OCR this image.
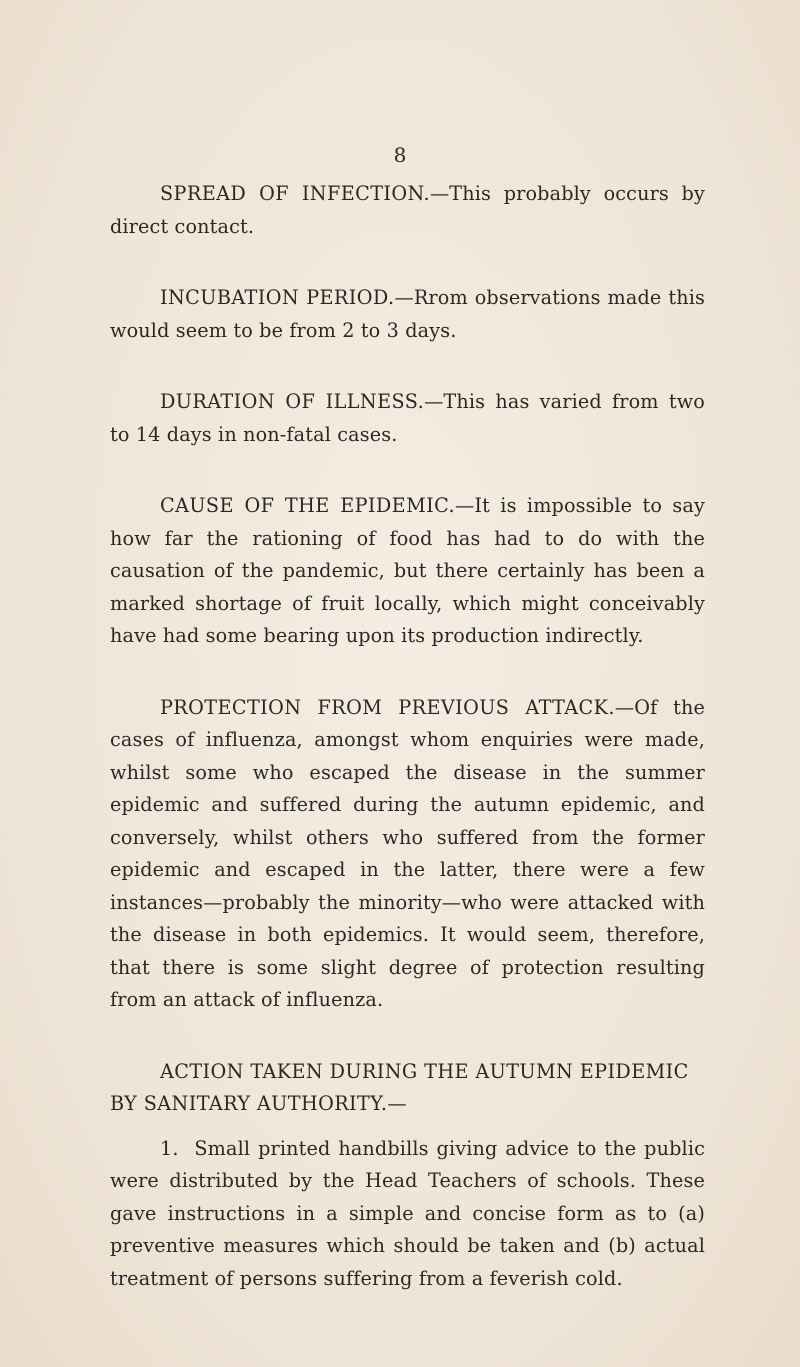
8

SPREAD OF INFECTION.—This probably occurs by direct contact.

INCUBATION PERIOD.—Rrom observations made this would seem to be from 2 to 3 days.

DURATION OF ILLNESS.—This has varied from two to 14 days in non-fatal cases.

CAUSE OF THE EPIDEMIC.—It is impossible to say how far the rationing of food has had to do with the causation of the pandemic, but there certainly has been a marked shortage of fruit locally, which might conceivably have had some bearing upon its production indirectly.

PROTECTION FROM PREVIOUS ATTACK.—Of the cases of influenza, amongst whom enquiries were made, whilst some who escaped the disease in the summer epidemic and suffered during the autumn epidemic, and conversely, whilst others who suffered from the former epidemic and escaped in the latter, there were a few instances—probably the minority—who were attacked with the disease in both epidemics. It would seem, therefore, that there is some slight degree of protection resulting from an attack of influenza.

ACTION TAKEN DURING THE AUTUMN EPIDEMIC BY SANITARY AUTHORITY.—

1. Small printed handbills giving advice to the public were distributed by the Head Teachers of schools. These gave instructions in a simple and concise form as to (a) preventive measures which should be taken and (b) actual treatment of persons suffering from a feverish cold.
